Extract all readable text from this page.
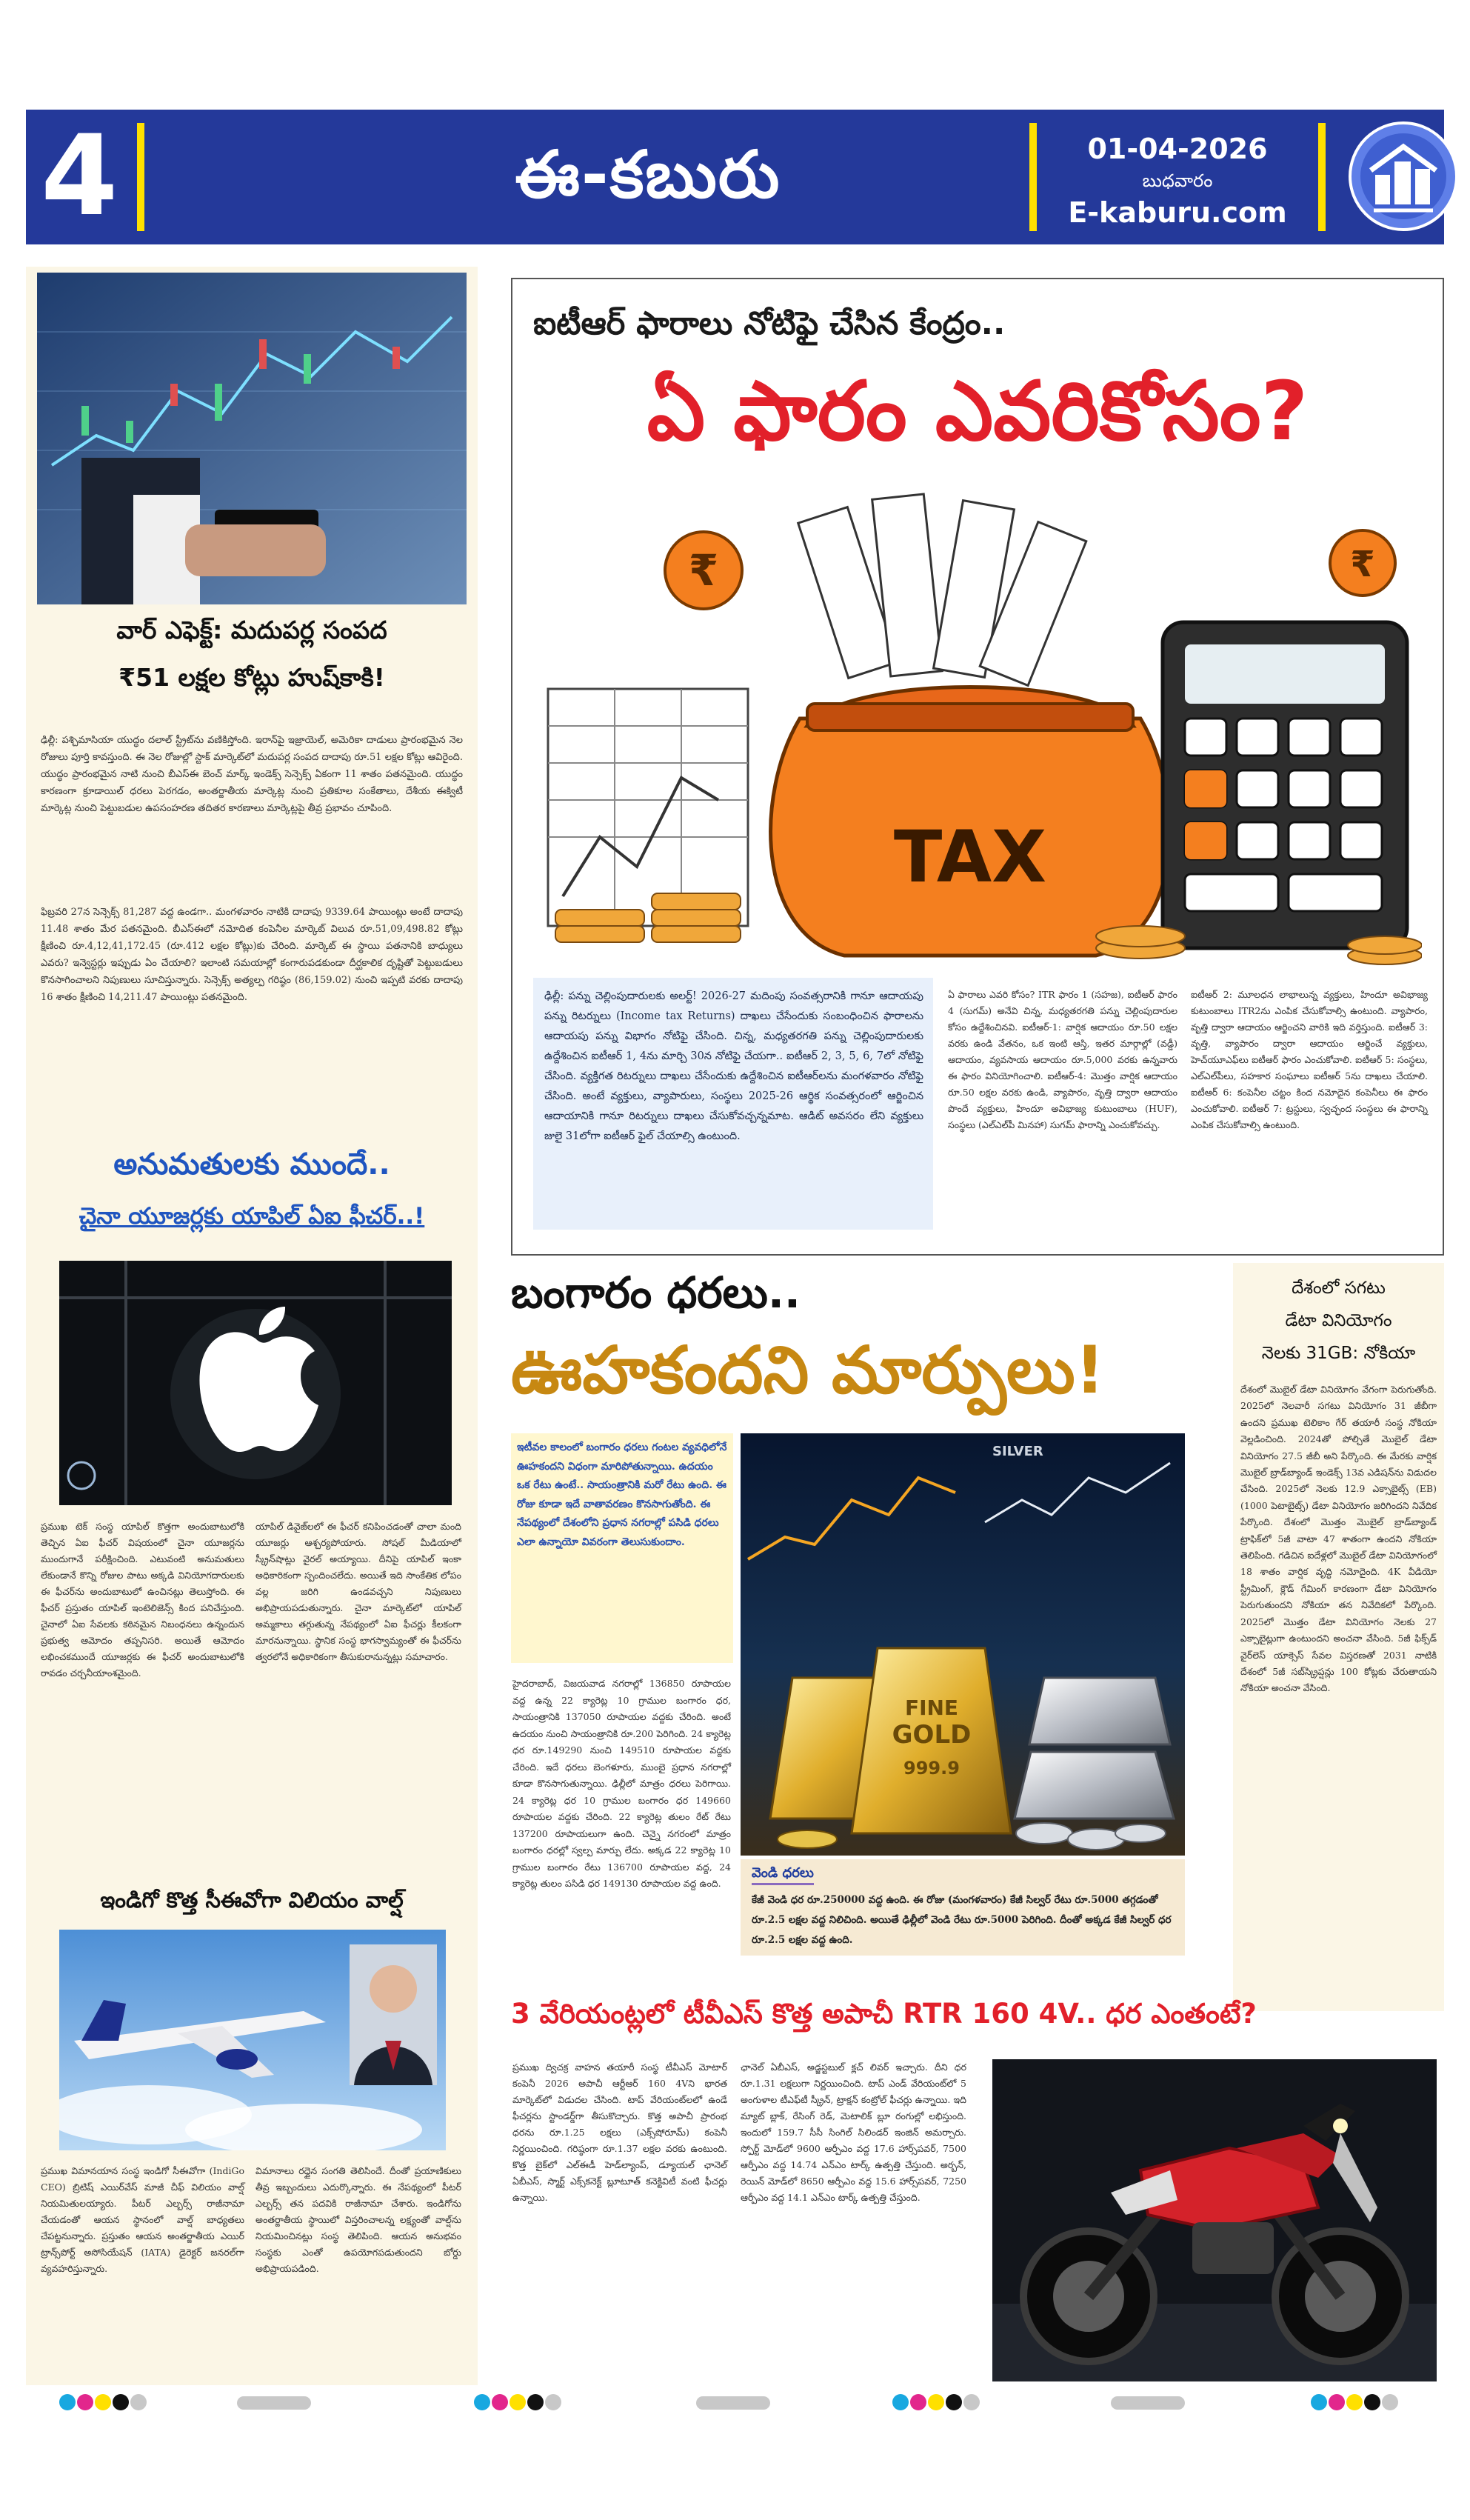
4	ఈ-కబురు	01-04-2026
బుధవారం
E-kaburu.com
వార్ ఎఫెక్ట్: మదుపర్ల సంపద
₹51 లక్షల కోట్లు హుష్‌కాకి!
ఢిల్లీ: పశ్చిమాసియా యుద్ధం దలాల్ స్ట్రీట్‌ను వణికిస్తోంది. ఇరాన్‌పై ఇజ్రాయెల్, అమెరికా దాడులు ప్రారంభమైన నెల రోజులు పూర్తి కావస్తుంది. ఈ నెల రోజుల్లో స్టాక్ మార్కెట్‌లో మదుపర్ల సంపద దాదాపు రూ.51 లక్షల కోట్లు ఆవిరైంది. యుద్ధం ప్రారంభమైన నాటి నుంచి బీఎస్ఈ బెంచ్ మార్క్ ఇండెక్స్ సెన్సెక్స్ ఏకంగా 11 శాతం పతనమైంది. యుద్ధం కారణంగా క్రూడాయిల్ ధరలు పెరగడం, అంతర్జాతీయ మార్కెట్ల నుంచి ప్రతికూల సంకేతాలు, దేశీయ ఈక్విటీ మార్కెట్ల నుంచి పెట్టుబడుల ఉపసంహరణ తదితర కారణాలు మార్కెట్లపై తీవ్ర ప్రభావం చూపింది.
ఫిబ్రవరి 27న సెన్సెక్స్ 81,287 వద్ద ఉండగా.. మంగళవారం నాటికి దాదాపు 9339.64 పాయింట్లు అంటే దాదాపు 11.48 శాతం మేర పతనమైంది. బీఎస్ఈలో నమోదిత కంపెనీల మార్కెట్ విలువ రూ.51,09,498.82 కోట్లు క్షీణించి రూ.4,12,41,172.45 (రూ.412 లక్షల కోట్లు)కు చేరింది. మార్కెట్ ఈ స్థాయి పతనానికి బాధ్యులు ఎవరు? ఇన్వెస్టర్లు ఇప్పుడు ఏం చేయాలి? ఇలాంటి సమయాల్లో కంగారుపడకుండా దీర్ఘకాలిక దృష్టితో పెట్టుబడులు కొనసాగించాలని నిపుణులు సూచిస్తున్నారు. సెన్సెక్స్ అత్యల్ప గరిష్ఠం (86,159.02) నుంచి ఇప్పటి వరకు దాదాపు 16 శాతం క్షీణించి 14,211.47 పాయింట్లు పతనమైంది.
అనుమతులకు ముందే..
చైనా యూజర్లకు యాపిల్ ఏఐ ఫీచర్..!
ప్రముఖ టెక్ సంస్థ యాపిల్ కొత్తగా అందుబాటులోకి తెచ్చిన ఏఐ ఫీచర్ విషయంలో చైనా యూజర్లను ముందుగానే పరీక్షించింది. ఎటువంటి అనుమతులు లేకుండానే కొన్ని రోజుల పాటు అక్కడి వినియోగదారులకు ఈ ఫీచర్‌ను అందుబాటులో ఉంచినట్లు తెలుస్తోంది. ఈ ఫీచర్ ప్రస్తుతం యాపిల్ ఇంటెలిజెన్స్ కింద పనిచేస్తుంది. చైనాలో ఏఐ సేవలకు కఠినమైన నిబంధనలు ఉన్నందున ప్రభుత్వ ఆమోదం తప్పనిసరి. అయితే ఆమోదం లభించకముందే యూజర్లకు ఈ ఫీచర్ అందుబాటులోకి రావడం చర్చనీయాంశమైంది.
యాపిల్ డివైజ్‌లలో ఈ ఫీచర్ కనిపించడంతో చాలా మంది యూజర్లు ఆశ్చర్యపోయారు. సోషల్ మీడియాలో స్క్రీన్‌షాట్లు వైరల్ అయ్యాయి. దీనిపై యాపిల్ ఇంకా అధికారికంగా స్పందించలేదు. అయితే ఇది సాంకేతిక లోపం వల్ల జరిగి ఉండవచ్చని నిపుణులు అభిప్రాయపడుతున్నారు. చైనా మార్కెట్‌లో యాపిల్ అమ్మకాలు తగ్గుతున్న నేపథ్యంలో ఏఐ ఫీచర్లు కీలకంగా మారనున్నాయి. స్థానిక సంస్థ భాగస్వామ్యంతో ఈ ఫీచర్‌ను త్వరలోనే అధికారికంగా తీసుకురానున్నట్లు సమాచారం.
ఇండిగో కొత్త సీఈవోగా విలియం వాల్ష్
ప్రముఖ విమానయాన సంస్థ ఇండిగో సీఈవోగా (IndiGo CEO) బ్రిటిష్ ఎయిర్‌వేస్ మాజీ చీఫ్ విలియం వాల్ష్ నియమితులయ్యారు. పీటర్ ఎల్బర్స్ రాజీనామా చేయడంతో ఆయన స్థానంలో వాల్ష్ బాధ్యతలు చేపట్టనున్నారు. ప్రస్తుతం ఆయన అంతర్జాతీయ ఎయిర్ ట్రాన్స్‌పోర్ట్ అసోసియేషన్ (IATA) డైరెక్టర్ జనరల్‌గా వ్యవహరిస్తున్నారు.
విమానాలు రద్దైన సంగతి తెలిసిందే. దీంతో ప్రయాణికులు తీవ్ర ఇబ్బందులు ఎదుర్కొన్నారు. ఈ నేపథ్యంలో పీటర్ ఎల్బర్స్ తన పదవికి రాజీనామా చేశారు. ఇండిగోను అంతర్జాతీయ స్థాయిలో విస్తరించాలన్న లక్ష్యంతో వాల్ష్‌ను నియమించినట్లు సంస్థ తెలిపింది. ఆయన అనుభవం సంస్థకు ఎంతో ఉపయోగపడుతుందని బోర్డు అభిప్రాయపడింది.
ఐటీఆర్ ఫారాలు నోటిఫై చేసిన కేంద్రం..
ఏ ఫారం ఎవరికోసం?
₹	₹
TAX
ఢిల్లీ: పన్ను చెల్లింపుదారులకు అలర్ట్! 2026-27 మదింపు సంవత్సరానికి గానూ ఆదాయపు పన్ను రిటర్నులు (Income tax Returns) దాఖలు చేసేందుకు సంబంధించిన ఫారాలను ఆదాయపు పన్ను విభాగం నోటిఫై చేసింది. చిన్న, మధ్యతరగతి పన్ను చెల్లింపుదారులకు ఉద్దేశించిన ఐటీఆర్ 1, 4ను మార్చి 30న నోటిఫై చేయగా.. ఐటీఆర్ 2, 3, 5, 6, 7లో నోటిఫై చేసింది. వ్యక్తిగత రిటర్నులు దాఖలు చేసేందుకు ఉద్దేశించిన ఐటీఆర్‌లను మంగళవారం నోటిఫై చేసింది. అంటే వ్యక్తులు, వ్యాపారులు, సంస్థలు 2025-26 ఆర్థిక సంవత్సరంలో ఆర్జించిన ఆదాయానికి గానూ రిటర్నులు దాఖలు చేసుకోవచ్చన్నమాట. ఆడిట్ అవసరం లేని వ్యక్తులు జులై 31లోగా ఐటీఆర్ ఫైల్ చేయాల్సి ఉంటుంది.
ఏ ఫారాలు ఎవరి కోసం? ITR ఫారం 1 (సహజ), ఐటీఆర్ ఫారం 4 (సుగమ్) అనేవి చిన్న, మధ్యతరగతి పన్ను చెల్లింపుదారుల కోసం ఉద్దేశించినవి. ఐటీఆర్-1: వార్షిక ఆదాయం రూ.50 లక్షల వరకు ఉండి వేతనం, ఒక ఇంటి ఆస్తి, ఇతర మార్గాల్లో (వడ్డీ) ఆదాయం, వ్యవసాయ ఆదాయం రూ.5,000 వరకు ఉన్నవారు ఈ ఫారం వినియోగించాలి. ఐటీఆర్-4: మొత్తం వార్షిక ఆదాయం రూ.50 లక్షల వరకు ఉండి, వ్యాపారం, వృత్తి ద్వారా ఆదాయం పొందే వ్యక్తులు, హిందూ అవిభాజ్య కుటుంబాలు (HUF), సంస్థలు (ఎల్ఎల్‌పీ మినహా) సుగమ్ ఫారాన్ని ఎంచుకోవచ్చు.
ఐటీఆర్ 2: మూలధన లాభాలున్న వ్యక్తులు, హిందూ అవిభాజ్య కుటుంబాలు ITR2ను ఎంపిక చేసుకోవాల్సి ఉంటుంది. వ్యాపారం, వృత్తి ద్వారా ఆదాయం ఆర్జించని వారికి ఇది వర్తిస్తుంది. ఐటీఆర్ 3: వృత్తి, వ్యాపారం ద్వారా ఆదాయం ఆర్జించే వ్యక్తులు, హెచ్‌యూఎఫ్‌లు ఐటీఆర్ ఫారం ఎంచుకోవాలి. ఐటీఆర్ 5: సంస్థలు, ఎల్ఎల్‌పీలు, సహకార సంఘాలు ఐటీఆర్ 5ను దాఖలు చేయాలి. ఐటీఆర్ 6: కంపెనీల చట్టం కింద నమోదైన కంపెనీలు ఈ ఫారం ఎంచుకోవాలి. ఐటీఆర్ 7: ట్రస్టులు, స్వచ్ఛంద సంస్థలు ఈ ఫారాన్ని ఎంపిక చేసుకోవాల్సి ఉంటుంది.
బంగారం ధరలు..
ఊహకందని మార్పులు!
ఇటీవల కాలంలో బంగారం ధరలు గంటల వ్యవధిలోనే ఊహకందని విధంగా మారిపోతున్నాయి. ఉదయం ఒక రేటు ఉంటే.. సాయంత్రానికి మరో రేటు ఉంది. ఈ రోజు కూడా ఇదే వాతావరణం కొనసాగుతోంది. ఈ నేపథ్యంలో దేశంలోని ప్రధాన నగరాల్లో పసిడి ధరలు ఎలా ఉన్నాయో వివరంగా తెలుసుకుందాం.
హైదరాబాద్, విజయవాడ నగరాల్లో 136850 రూపాయల వద్ద ఉన్న 22 క్యారెట్ల 10 గ్రాముల బంగారం ధర, సాయంత్రానికి 137050 రూపాయల వద్దకు చేరింది. అంటే ఉదయం నుంచి సాయంత్రానికి రూ.200 పెరిగింది. 24 క్యారెట్ల ధర రూ.149290 నుంచి 149510 రూపాయల వద్దకు చేరింది. ఇదే ధరలు బెంగళూరు, ముంబై ప్రధాన నగరాల్లో కూడా కొనసాగుతున్నాయి. ఢిల్లీలో మాత్రం ధరలు పెరిగాయి. 24 క్యారెట్ల ధర 10 గ్రాముల బంగారం ధర 149660 రూపాయల వద్దకు చేరింది. 22 క్యారెట్ల తులం రేట్‌ రేటు 137200 రూపాయలుగా ఉంది. చెన్నై నగరంలో మాత్రం బంగారం ధరల్లో స్వల్ప మార్పు లేదు. అక్కడ 22 క్యారెట్ల 10 గ్రాముల బంగారం రేటు 136700 రూపాయల వద్ద, 24 క్యారెట్ల తులం పసిడి ధర 149130 రూపాయల వద్ద ఉంది.
SILVER
FINE
GOLD
999.9
వెండి ధరలు
కేజీ వెండి ధర రూ.250000 వద్ద ఉంది. ఈ రోజు (మంగళవారం) కేజీ సిల్వర్ రేటు రూ.5000 తగ్గడంతో రూ.2.5 లక్షల వద్ద నిలిచింది. అయితే ఢిల్లీలో వెండి రేటు రూ.5000 పెరిగింది. దీంతో అక్కడ కేజీ సిల్వర్ ధర రూ.2.5 లక్షల వద్ద ఉంది.
దేశంలో సగటు
డేటా వినియోగం
నెలకు 31GB: నోకియా
దేశంలో మొబైల్ డేటా వినియోగం వేగంగా పెరుగుతోంది. 2025లో నెలవారీ సగటు వినియోగం 31 జీబీగా ఉందని ప్రముఖ టెలికాం గేర్ తయారీ సంస్థ నోకియా వెల్లడించింది. 2024తో పోల్చితే మొబైల్ డేటా వినియోగం 27.5 జీబీ అని పేర్కొంది. ఈ మేరకు వార్షిక మొబైల్ బ్రాడ్‌బ్యాండ్ ఇండెక్స్ 13వ ఎడిషన్‌ను విడుదల చేసింది. 2025లో నెలకు 12.9 ఎక్సాబైట్స్ (EB) (1000 పెటాబైట్స్) డేటా వినియోగం జరిగిందని నివేదిక పేర్కొంది. దేశంలో మొత్తం మొబైల్ బ్రాడ్‌బ్యాండ్ ట్రాఫిక్‌లో 5జీ వాటా 47 శాతంగా ఉందని నోకియా తెలిపింది. గడిచిన ఐదేళ్లలో మొబైల్ డేటా వినియోగంలో 18 శాతం వార్షిక వృద్ధి నమోదైంది. 4K వీడియో స్ట్రీమింగ్, క్లౌడ్ గేమింగ్ కారణంగా డేటా వినియోగం పెరుగుతుందని నోకియా తన నివేదికలో పేర్కొంది. 2025లో మొత్తం డేటా వినియోగం నెలకు 27 ఎక్సాబైట్లుగా ఉంటుందని అంచనా వేసింది. 5జీ ఫిక్స్‌డ్ వైర్‌లెస్ యాక్సెస్ సేవల విస్తరణతో 2031 నాటికి దేశంలో 5జీ సబ్‌స్క్రిప్షన్లు 100 కోట్లకు చేరుతాయని నోకియా అంచనా వేసింది.
3 వేరియంట్లలో టీవీఎస్ కొత్త అపాచీ RTR 160 4V.. ధర ఎంతంటే?
ప్రముఖ ద్విచక్ర వాహన తయారీ సంస్థ టీవీఎస్ మోటార్ కంపెనీ 2026 అపాచీ ఆర్టీఆర్ 160 4Vని భారత మార్కెట్‌లో విడుదల చేసింది. టాప్ వేరియంట్‌లలో ఉండే ఫీచర్లను స్టాండర్డ్‌గా తీసుకొచ్చారు. కొత్త అపాచీ ప్రారంభ ధరను రూ.1.25 లక్షలు (ఎక్స్‌షోరూమ్) కంపెనీ నిర్ణయించింది. గరిష్ఠంగా రూ.1.37 లక్షల వరకు ఉంటుంది. కొత్త బైక్‌లో ఎల్ఈడీ హెడ్‌ల్యాంప్, డ్యూయల్ ఛానెల్ ఏబీఎస్, స్మార్ట్ ఎక్స్‌కనెక్ట్ బ్లూటూత్ కనెక్టివిటీ వంటి ఫీచర్లు ఉన్నాయి.
ఛానెల్ ఏబీఎస్, అడ్జస్టబుల్ క్లచ్ లివర్ ఇచ్చారు. దీని ధర రూ.1.31 లక్షలుగా నిర్ణయించింది. టాప్ ఎండ్ వేరియంట్‌లో 5 అంగుళాల టీఎఫ్‌టీ స్క్రీన్, ట్రాక్షన్ కంట్రోల్ ఫీచర్లు ఉన్నాయి. ఇది మ్యాట్ బ్లాక్, రేసింగ్ రెడ్, మెటాలిక్ బ్లూ రంగుల్లో లభిస్తుంది. ఇందులో 159.7 సీసీ సింగిల్ సిలిండర్ ఇంజిన్ అమర్చారు. స్పోర్ట్ మోడ్‌లో 9600 ఆర్పీఎం వద్ద 17.6 హార్స్‌పవర్, 7500 ఆర్పీఎం వద్ద 14.74 ఎన్ఎం టార్క్ ఉత్పత్తి చేస్తుంది. అర్బన్, రెయిన్ మోడ్‌లో 8650 ఆర్పీఎం వద్ద 15.6 హార్స్‌పవర్, 7250 ఆర్పీఎం వద్ద 14.1 ఎన్ఎం టార్క్ ఉత్పత్తి చేస్తుంది.
